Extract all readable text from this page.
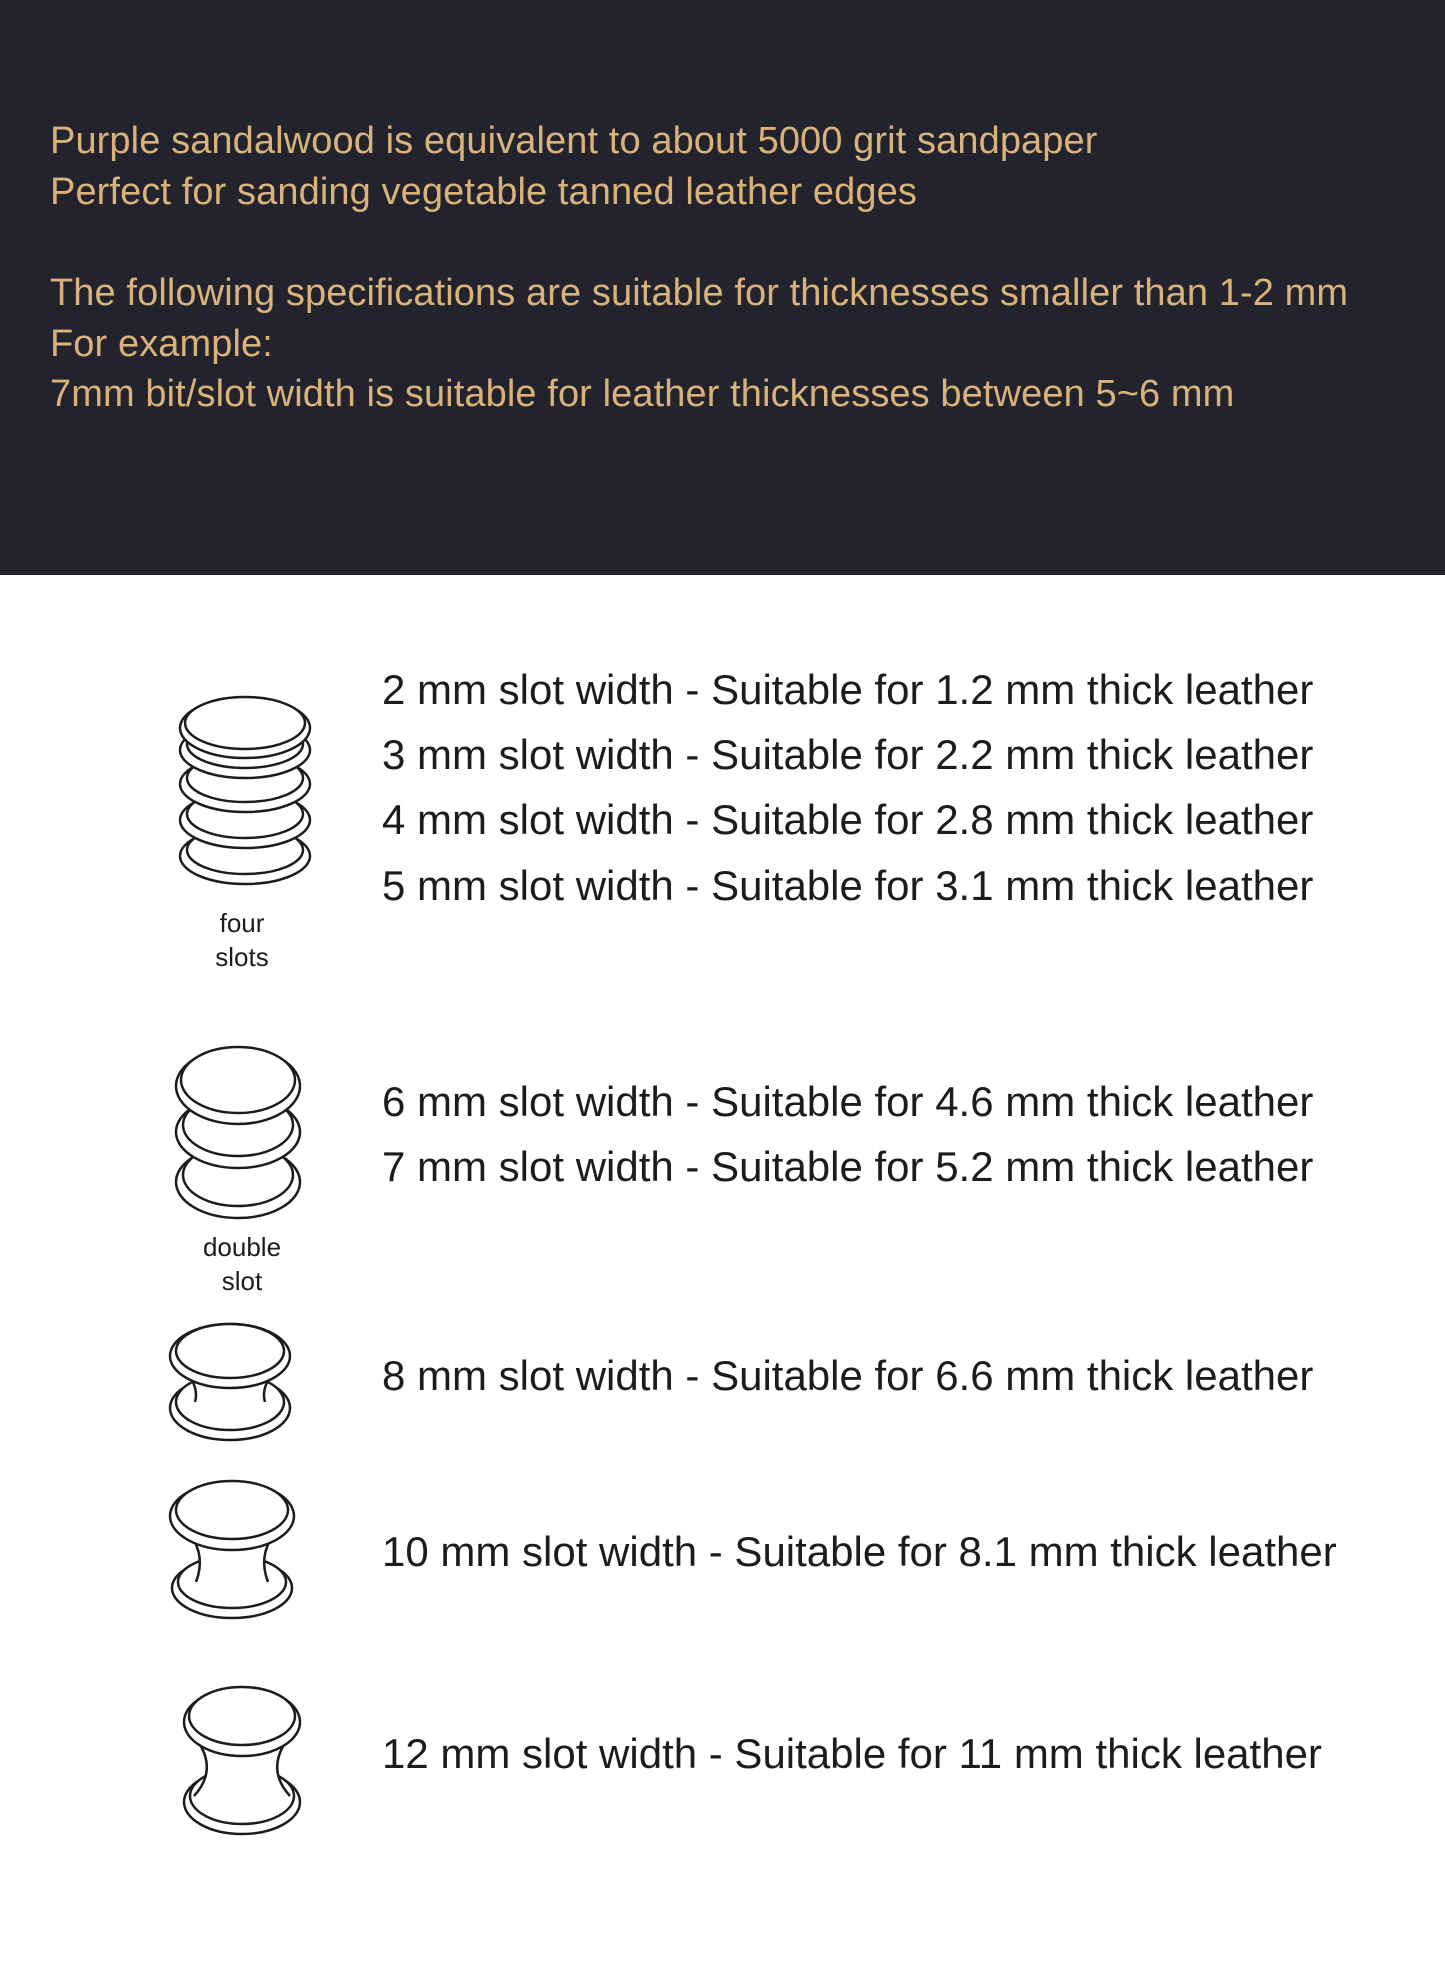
Purple sandalwood is equivalent to about 5000 grit sandpaper
Perfect for sanding vegetable tanned leather edges
The following specifications are suitable for thicknesses smaller than 1-2 mm
For example:
7mm bit/slot width is suitable for leather thicknesses between 5~6 mm
four
slots
2 mm slot width - Suitable for 1.2 mm thick leather
3 mm slot width - Suitable for 2.2 mm thick leather
4 mm slot width - Suitable for 2.8 mm thick leather
5 mm slot width - Suitable for 3.1 mm thick leather
double
slot
6 mm slot width - Suitable for 4.6 mm thick leather
7 mm slot width - Suitable for 5.2 mm thick leather
8 mm slot width - Suitable for 6.6 mm thick leather
10 mm slot width - Suitable for 8.1 mm thick leather
12 mm slot width - Suitable for 11 mm thick leather
